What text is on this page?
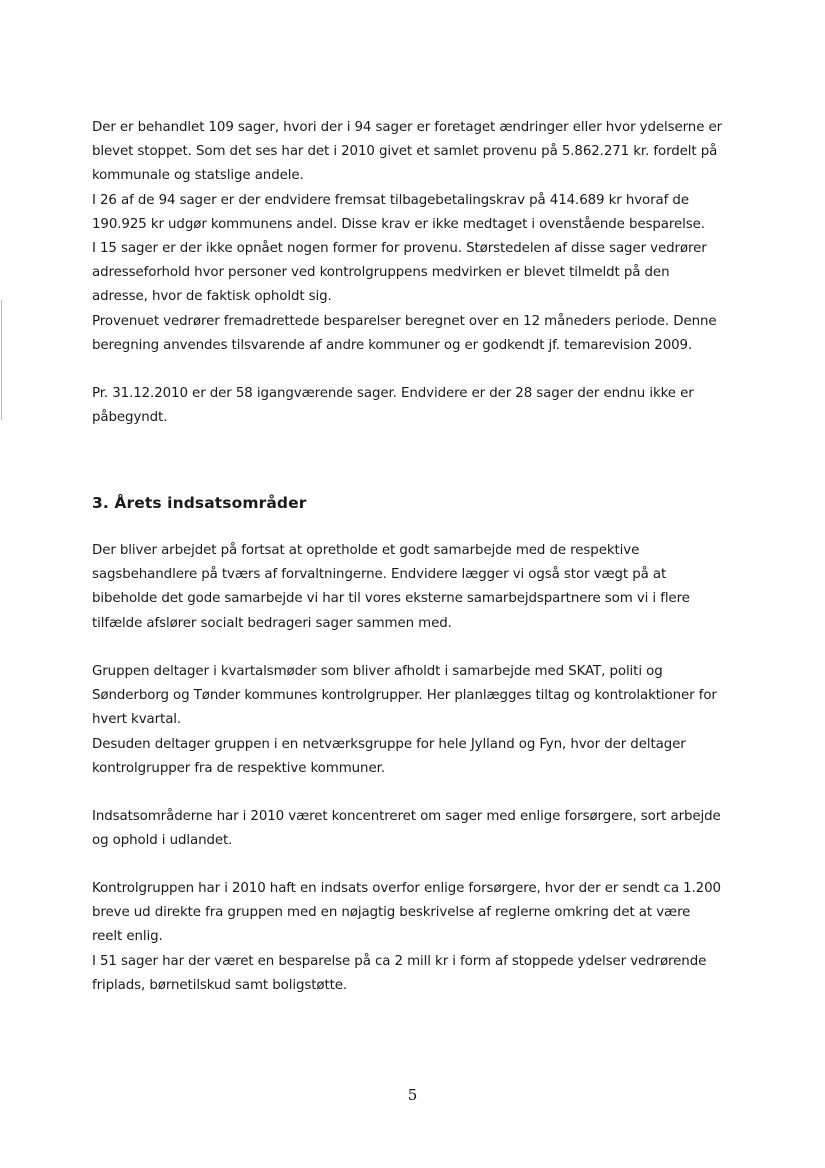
Der er behandlet 109 sager, hvori der i 94 sager er foretaget ændringer eller hvor ydelserne er
blevet stoppet. Som det ses har det i 2010 givet et samlet provenu på 5.862.271 kr. fordelt på
kommunale og statslige andele.
I 26 af de 94 sager er der endvidere fremsat tilbagebetalingskrav på 414.689 kr hvoraf de
190.925 kr udgør kommunens andel. Disse krav er ikke medtaget i ovenstående besparelse.
I 15 sager er der ikke opnået nogen former for provenu. Størstedelen af disse sager vedrører
adresseforhold hvor personer ved kontrolgruppens medvirken er blevet tilmeldt på den
adresse, hvor de faktisk opholdt sig.
Provenuet vedrører fremadrettede besparelser beregnet over en 12 måneders periode. Denne
beregning anvendes tilsvarende af andre kommuner og er godkendt jf. temarevision 2009.

Pr. 31.12.2010 er der 58 igangværende sager. Endvidere er der 28 sager der endnu ikke er
påbegyndt.

3. Årets indsatsområder

Der bliver arbejdet på fortsat at opretholde et godt samarbejde med de respektive
sagsbehandlere på tværs af forvaltningerne. Endvidere lægger vi også stor vægt på at
bibeholde det gode samarbejde vi har til vores eksterne samarbejdspartnere som vi i flere
tilfælde afslører socialt bedrageri sager sammen med.

Gruppen deltager i kvartalsmøder som bliver afholdt i samarbejde med SKAT, politi og
Sønderborg og Tønder kommunes kontrolgrupper. Her planlægges tiltag og kontrolaktioner for
hvert kvartal.
Desuden deltager gruppen i en netværksgruppe for hele Jylland og Fyn, hvor der deltager
kontrolgrupper fra de respektive kommuner.

Indsatsområderne har i 2010 været koncentreret om sager med enlige forsørgere, sort arbejde
og ophold i udlandet.

Kontrolgruppen har i 2010 haft en indsats overfor enlige forsørgere, hvor der er sendt ca 1.200
breve ud direkte fra gruppen med en nøjagtig beskrivelse af reglerne omkring det at være
reelt enlig.
I 51 sager har der været en besparelse på ca 2 mill kr i form af stoppede ydelser vedrørende
friplads, børnetilskud samt boligstøtte.

5
